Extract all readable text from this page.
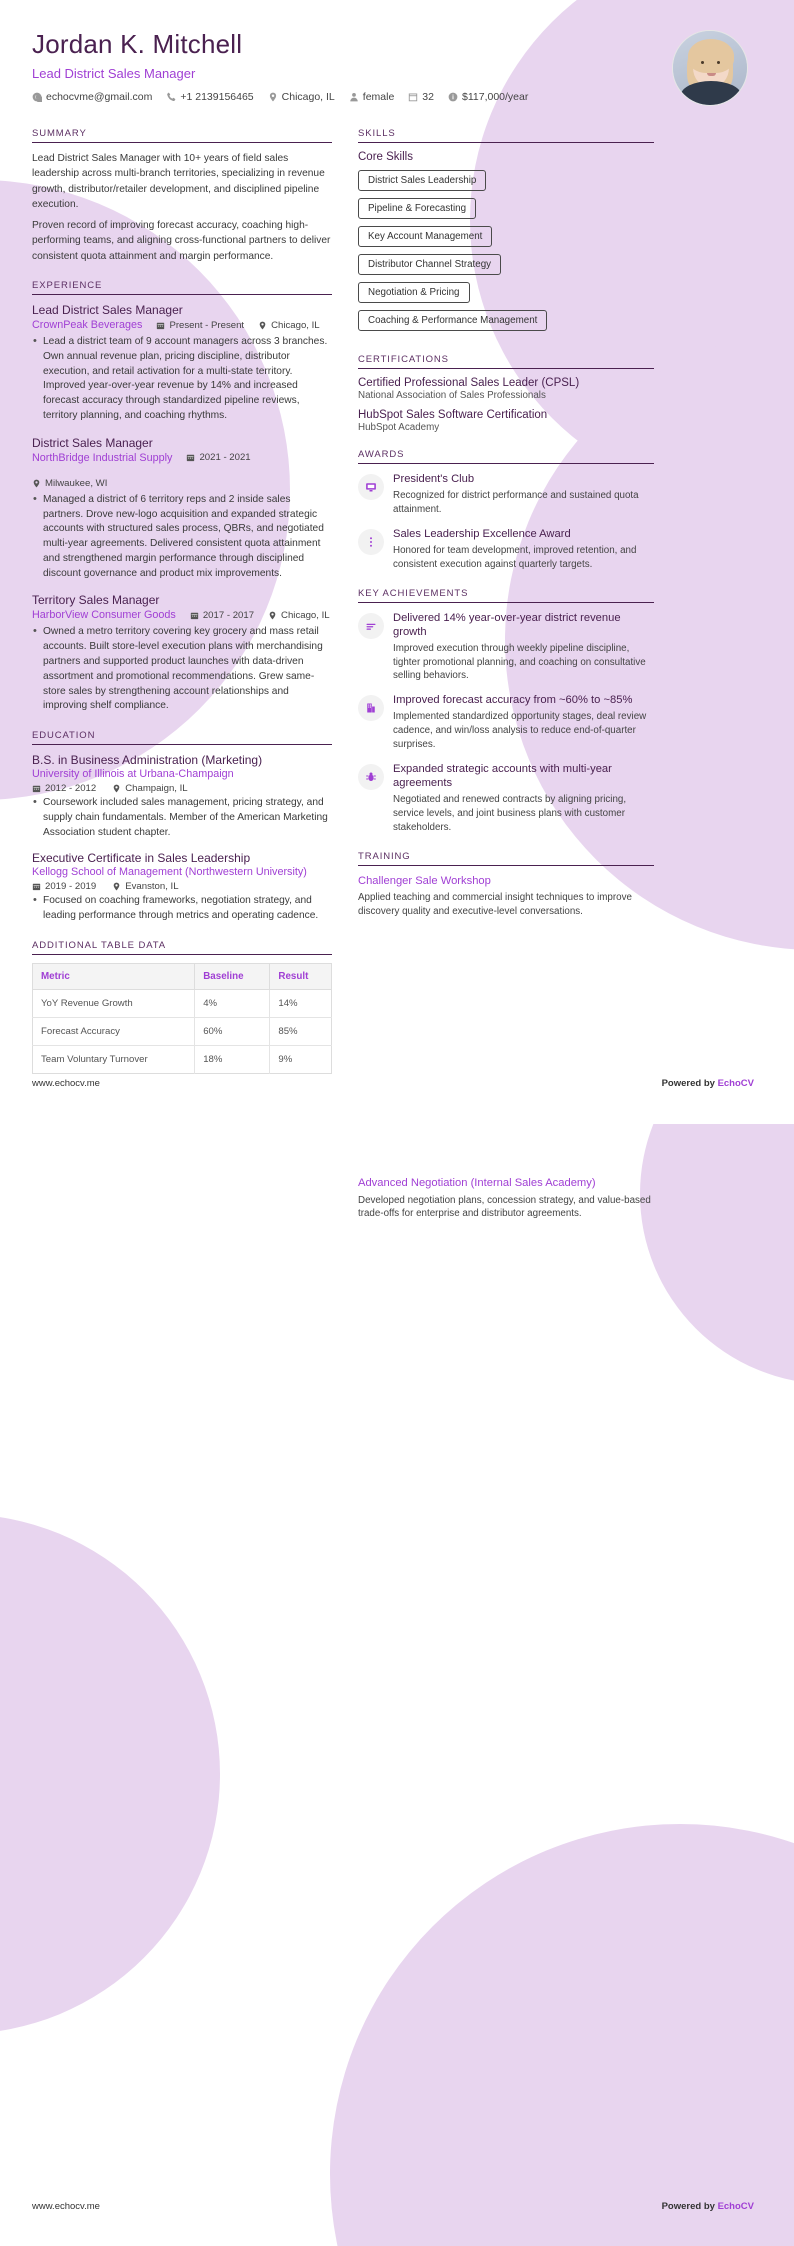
Jordan K. Mitchell
Lead District Sales Manager
echocvme@gmail.com	+1 2139156465	Chicago, IL	female	32	$117,000/year
SUMMARY

Lead District Sales Manager with 10+ years of field sales leadership across multi-branch territories, specializing in revenue growth, distributor/retailer development, and disciplined pipeline execution.

Proven record of improving forecast accuracy, coaching high-performing teams, and aligning cross-functional partners to deliver consistent quota attainment and margin performance.

EXPERIENCE
Lead District Sales Manager
CrownPeak Beverages	Present - Present	Chicago, IL
• Lead a district team of 9 account managers across 3 branches. Own annual revenue plan, pricing discipline, distributor execution, and retail activation for a multi-state territory. Improved year-over-year revenue by 14% and increased forecast accuracy through standardized pipeline reviews, territory planning, and coaching rhythms.
District Sales Manager
NorthBridge Industrial Supply	2021 - 2021
Milwaukee, WI
• Managed a district of 6 territory reps and 2 inside sales partners. Drove new-logo acquisition and expanded strategic accounts with structured sales process, QBRs, and negotiated multi-year agreements. Delivered consistent quota attainment and strengthened margin performance through disciplined discount governance and product mix improvements.
Territory Sales Manager
HarborView Consumer Goods	2017 - 2017	Chicago, IL
• Owned a metro territory covering key grocery and mass retail accounts. Built store-level execution plans with merchandising partners and supported product launches with data-driven assortment and promotional recommendations. Grew same-store sales by strengthening account relationships and improving shelf compliance.
EDUCATION
B.S. in Business Administration (Marketing)
University of Illinois at Urbana-Champaign
2012 - 2012	Champaign, IL
• Coursework included sales management, pricing strategy, and supply chain fundamentals. Member of the American Marketing Association student chapter.
Executive Certificate in Sales Leadership
Kellogg School of Management (Northwestern University)
2019 - 2019	Evanston, IL
• Focused on coaching frameworks, negotiation strategy, and leading performance through metrics and operating cadence.
ADDITIONAL TABLE DATA
Metric	Baseline	Result
YoY Revenue Growth	4%	14%
Forecast Accuracy	60%	85%
Team Voluntary Turnover	18%	9%
SKILLS
Core Skills
District Sales Leadership
Pipeline & Forecasting
Key Account Management
Distributor Channel Strategy
Negotiation & Pricing
Coaching & Performance Management
CERTIFICATIONS
Certified Professional Sales Leader (CPSL)
National Association of Sales Professionals
HubSpot Sales Software Certification
HubSpot Academy
AWARDS
President's Club
Recognized for district performance and sustained quota attainment.
Sales Leadership Excellence Award
Honored for team development, improved retention, and consistent execution against quarterly targets.
KEY ACHIEVEMENTS
Delivered 14% year-over-year district revenue growth
Improved execution through weekly pipeline discipline, tighter promotional planning, and coaching on consultative selling behaviors.
Improved forecast accuracy from ~60% to ~85%
Implemented standardized opportunity stages, deal review cadence, and win/loss analysis to reduce end-of-quarter surprises.
Expanded strategic accounts with multi-year agreements
Negotiated and renewed contracts by aligning pricing, service levels, and joint business plans with customer stakeholders.
TRAINING
Challenger Sale Workshop
Applied teaching and commercial insight techniques to improve discovery quality and executive-level conversations.
www.echocv.me	Powered by EchoCV
Advanced Negotiation (Internal Sales Academy)
Developed negotiation plans, concession strategy, and value-based trade-offs for enterprise and distributor agreements.
www.echocv.me	Powered by EchoCV
